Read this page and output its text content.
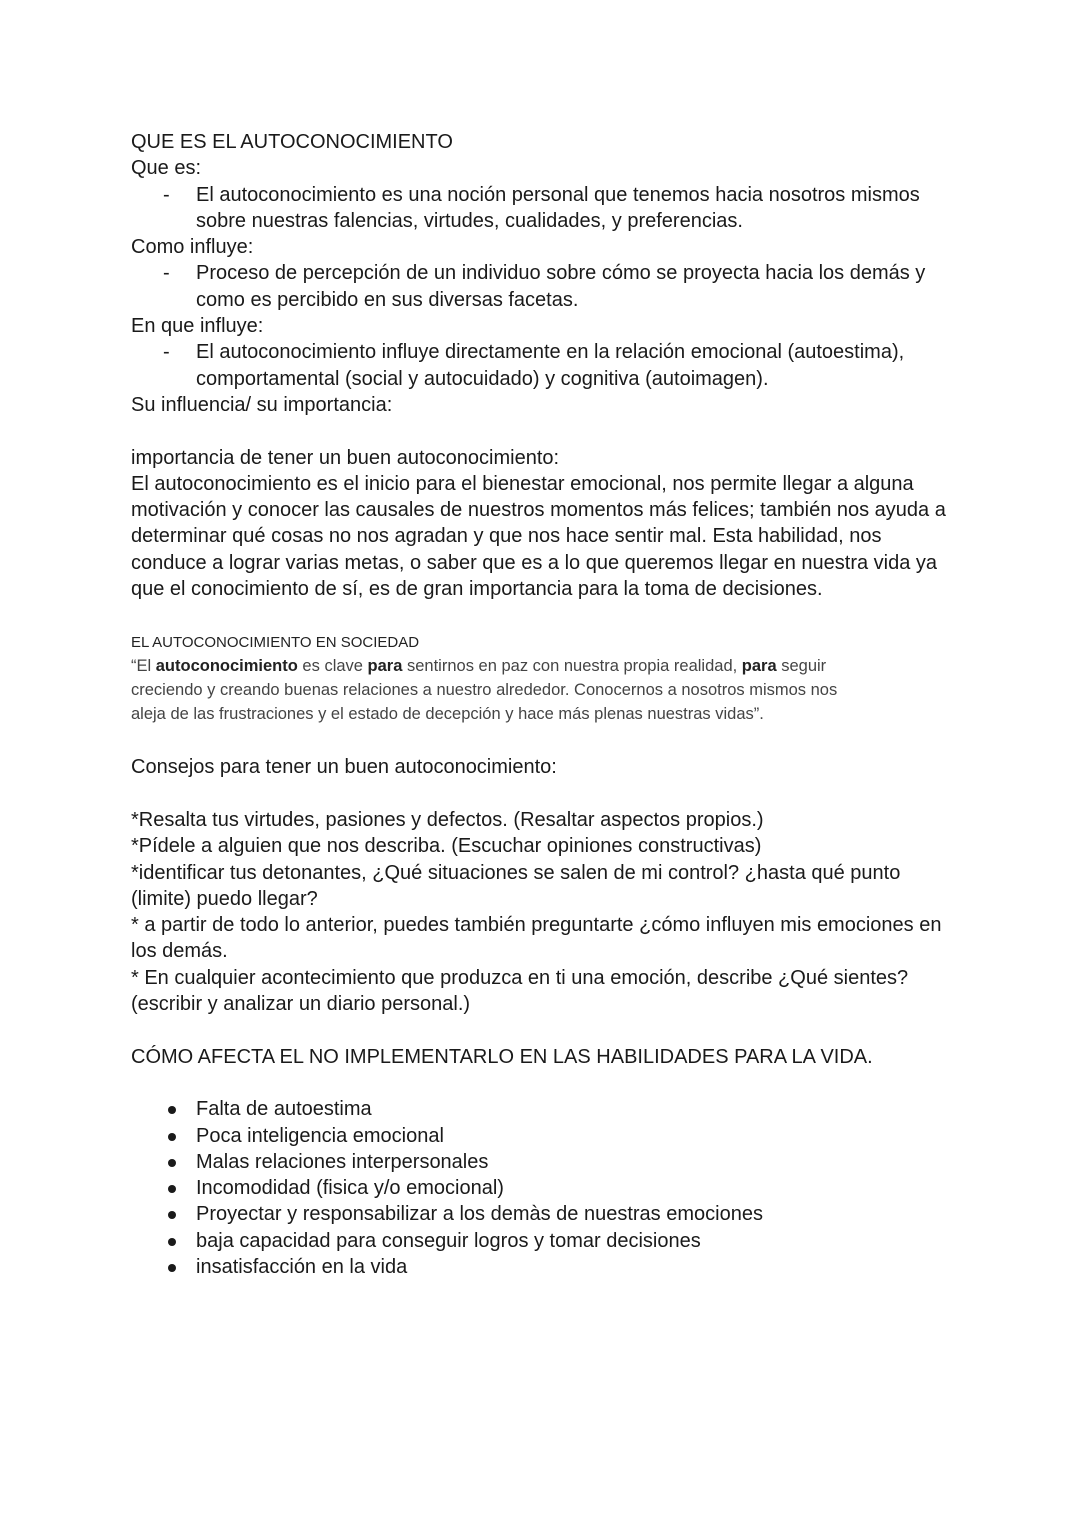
QUE ES EL AUTOCONOCIMIENTO

Que es:

- El autoconocimiento es una noción personal que tenemos hacia nosotros mismos

sobre nuestras falencias, virtudes, cualidades, y preferencias.

Como influye:

- Proceso de percepción de un individuo sobre cómo se proyecta hacia los demás y

como es percibido en sus diversas facetas.

En que influye:

- El autoconocimiento influye directamente en la relación emocional (autoestima),

comportamental (social y autocuidado) y cognitiva (autoimagen).

Su influencia/ su importancia:

importancia de tener un buen autoconocimiento:

El autoconocimiento es el inicio para el bienestar emocional, nos permite llegar a alguna

motivación y conocer las causales de nuestros momentos más felices; también nos ayuda a

determinar qué cosas no nos agradan y que nos hace sentir mal. Esta habilidad, nos

conduce a lograr varias metas, o saber que es a lo que queremos llegar en nuestra vida ya

que el conocimiento de sí, es de gran importancia para la toma de decisiones.

EL AUTOCONOCIMIENTO EN SOCIEDAD

“El autoconocimiento es clave para sentirnos en paz con nuestra propia realidad, para seguir

creciendo y creando buenas relaciones a nuestro alrededor. Conocernos a nosotros mismos nos

aleja de las frustraciones y el estado de decepción y hace más plenas nuestras vidas”.

Consejos para tener un buen autoconocimiento:

*Resalta tus virtudes, pasiones y defectos. (Resaltar aspectos propios.)

*Pídele a alguien que nos describa. (Escuchar opiniones constructivas)

*identificar tus detonantes, ¿Qué situaciones se salen de mi control? ¿hasta qué punto

(limite) puedo llegar?

* a partir de todo lo anterior, puedes también preguntarte ¿cómo influyen mis emociones en

los demás.

* En cualquier acontecimiento que produzca en ti una emoción, describe ¿Qué sientes?

(escribir y analizar un diario personal.)

CÓMO AFECTA EL NO IMPLEMENTARLO EN LAS HABILIDADES PARA LA VIDA.

Falta de autoestima
Poca inteligencia emocional
Malas relaciones interpersonales
Incomodidad (fisica y/o emocional)
Proyectar y responsabilizar a los demàs de nuestras emociones
baja capacidad para conseguir logros y tomar decisiones
insatisfacción en la vida
